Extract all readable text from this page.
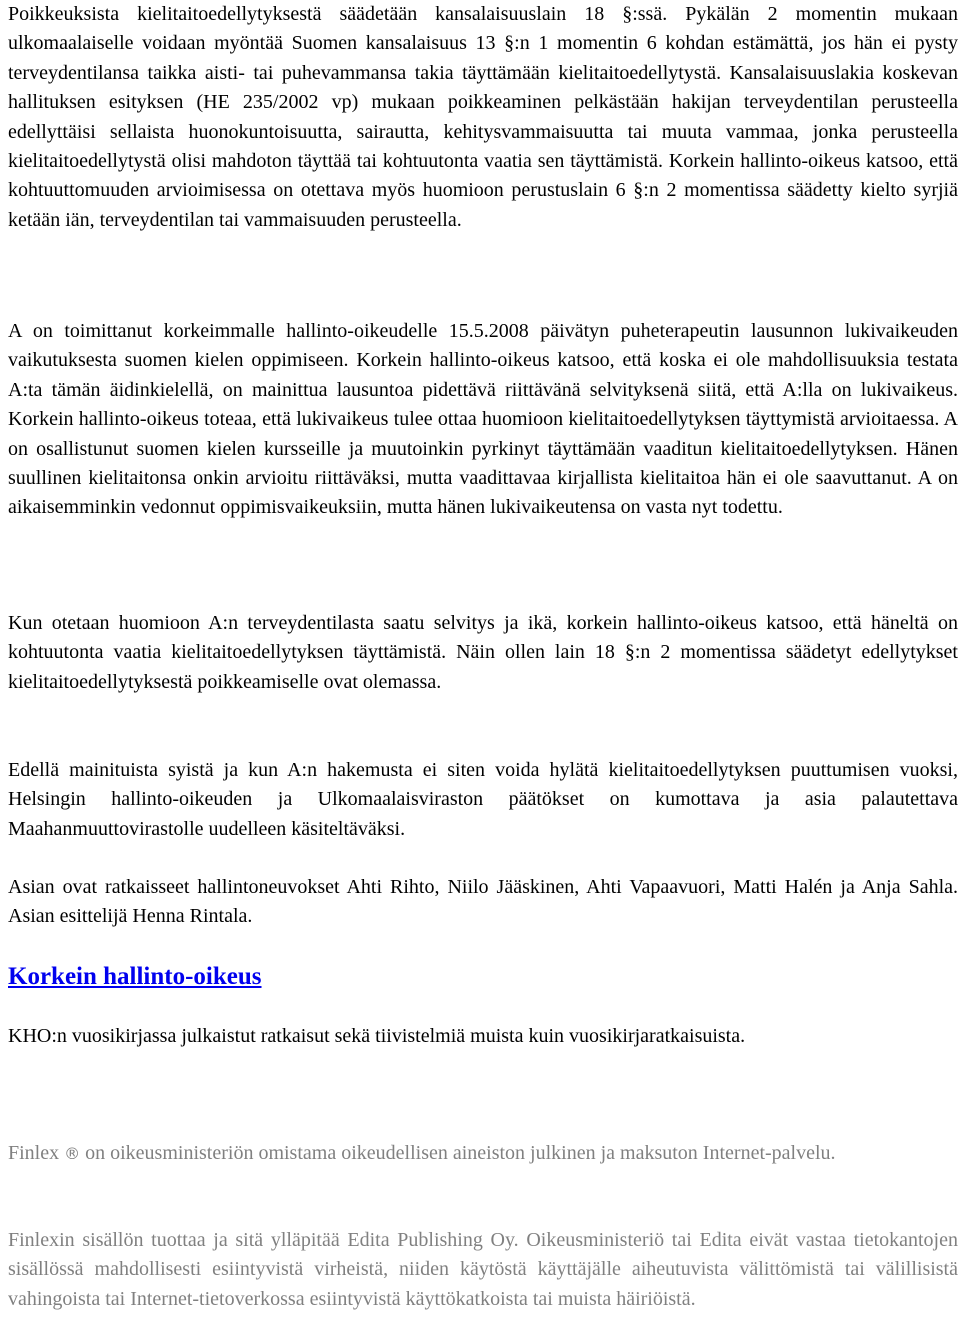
Poikkeuksista kielitaitoedellytyksestä säädetään kansalaisuuslain 18 §:ssä. Pykälän 2 momentin mukaan ulkomaalaiselle voidaan myöntää Suomen kansalaisuus 13 §:n 1 momentin 6 kohdan estämättä, jos hän ei pysty terveydentilansa taikka aisti- tai puhevammansa takia täyttämään kielitaitoedellytystä. Kansalaisuuslakia koskevan hallituksen esityksen (HE 235/2002 vp) mukaan poikkeaminen pelkästään hakijan terveydentilan perusteella edellyttäisi sellaista huonokuntoisuutta, sairautta, kehitysvammaisuutta tai muuta vammaa, jonka perusteella kielitaitoedellytystä olisi mahdoton täyttää tai kohtuutonta vaatia sen täyttämistä. Korkein hallinto-oikeus katsoo, että kohtuuttomuuden arvioimisessa on otettava myös huomioon perustuslain 6 §:n 2 momentissa säädetty kielto syrjiä ketään iän, terveydentilan tai vammaisuuden perusteella.

A on toimittanut korkeimmalle hallinto-oikeudelle 15.5.2008 päivätyn puheterapeutin lausunnon lukivaikeuden vaikutuksesta suomen kielen oppimiseen. Korkein hallinto-oikeus katsoo, että koska ei ole mahdollisuuksia testata A:ta tämän äidinkielellä, on mainittua lausuntoa pidettävä riittävänä selvityksenä siitä, että A:lla on lukivaikeus. Korkein hallinto-oikeus toteaa, että lukivaikeus tulee ottaa huomioon kielitaitoedellytyksen täyttymistä arvioitaessa. A on osallistunut suomen kielen kursseille ja muutoinkin pyrkinyt täyttämään vaaditun kielitaitoedellytyksen. Hänen suullinen kielitaitonsa onkin arvioitu riittäväksi, mutta vaadittavaa kirjallista kielitaitoa hän ei ole saavuttanut. A on aikaisemminkin vedonnut oppimisvaikeuksiin, mutta hänen lukivaikeutensa on vasta nyt todettu.

Kun otetaan huomioon A:n terveydentilasta saatu selvitys ja ikä, korkein hallinto-oikeus katsoo, että häneltä on kohtuutonta vaatia kielitaitoedellytyksen täyttämistä. Näin ollen lain 18 §:n 2 momentissa säädetyt edellytykset kielitaitoedellytyksestä poikkeamiselle ovat olemassa.

Edellä mainituista syistä ja kun A:n hakemusta ei siten voida hylätä kielitaitoedellytyksen puuttumisen vuoksi, Helsingin hallinto-oikeuden ja Ulkomaalaisviraston päätökset on kumottava ja asia palautettava Maahanmuuttovirastolle uudelleen käsiteltäväksi.

Asian ovat ratkaisseet hallintoneuvokset Ahti Rihto, Niilo Jääskinen, Ahti Vapaavuori, Matti Halén ja Anja Sahla. Asian esittelijä Henna Rintala.

Korkein hallinto-oikeus

KHO:n vuosikirjassa julkaistut ratkaisut sekä tiivistelmiä muista kuin vuosikirjaratkaisuista.

Finlex ® on oikeusministeriön omistama oikeudellisen aineiston julkinen ja maksuton Internet-palvelu.

Finlexin sisällön tuottaa ja sitä ylläpitää Edita Publishing Oy. Oikeusministeriö tai Edita eivät vastaa tietokantojen sisällössä mahdollisesti esiintyvistä virheistä, niiden käytöstä käyttäjälle aiheutuvista välittömistä tai välillisistä vahingoista tai Internet-tietoverkossa esiintyvistä käyttökatkoista tai muista häiriöistä.
